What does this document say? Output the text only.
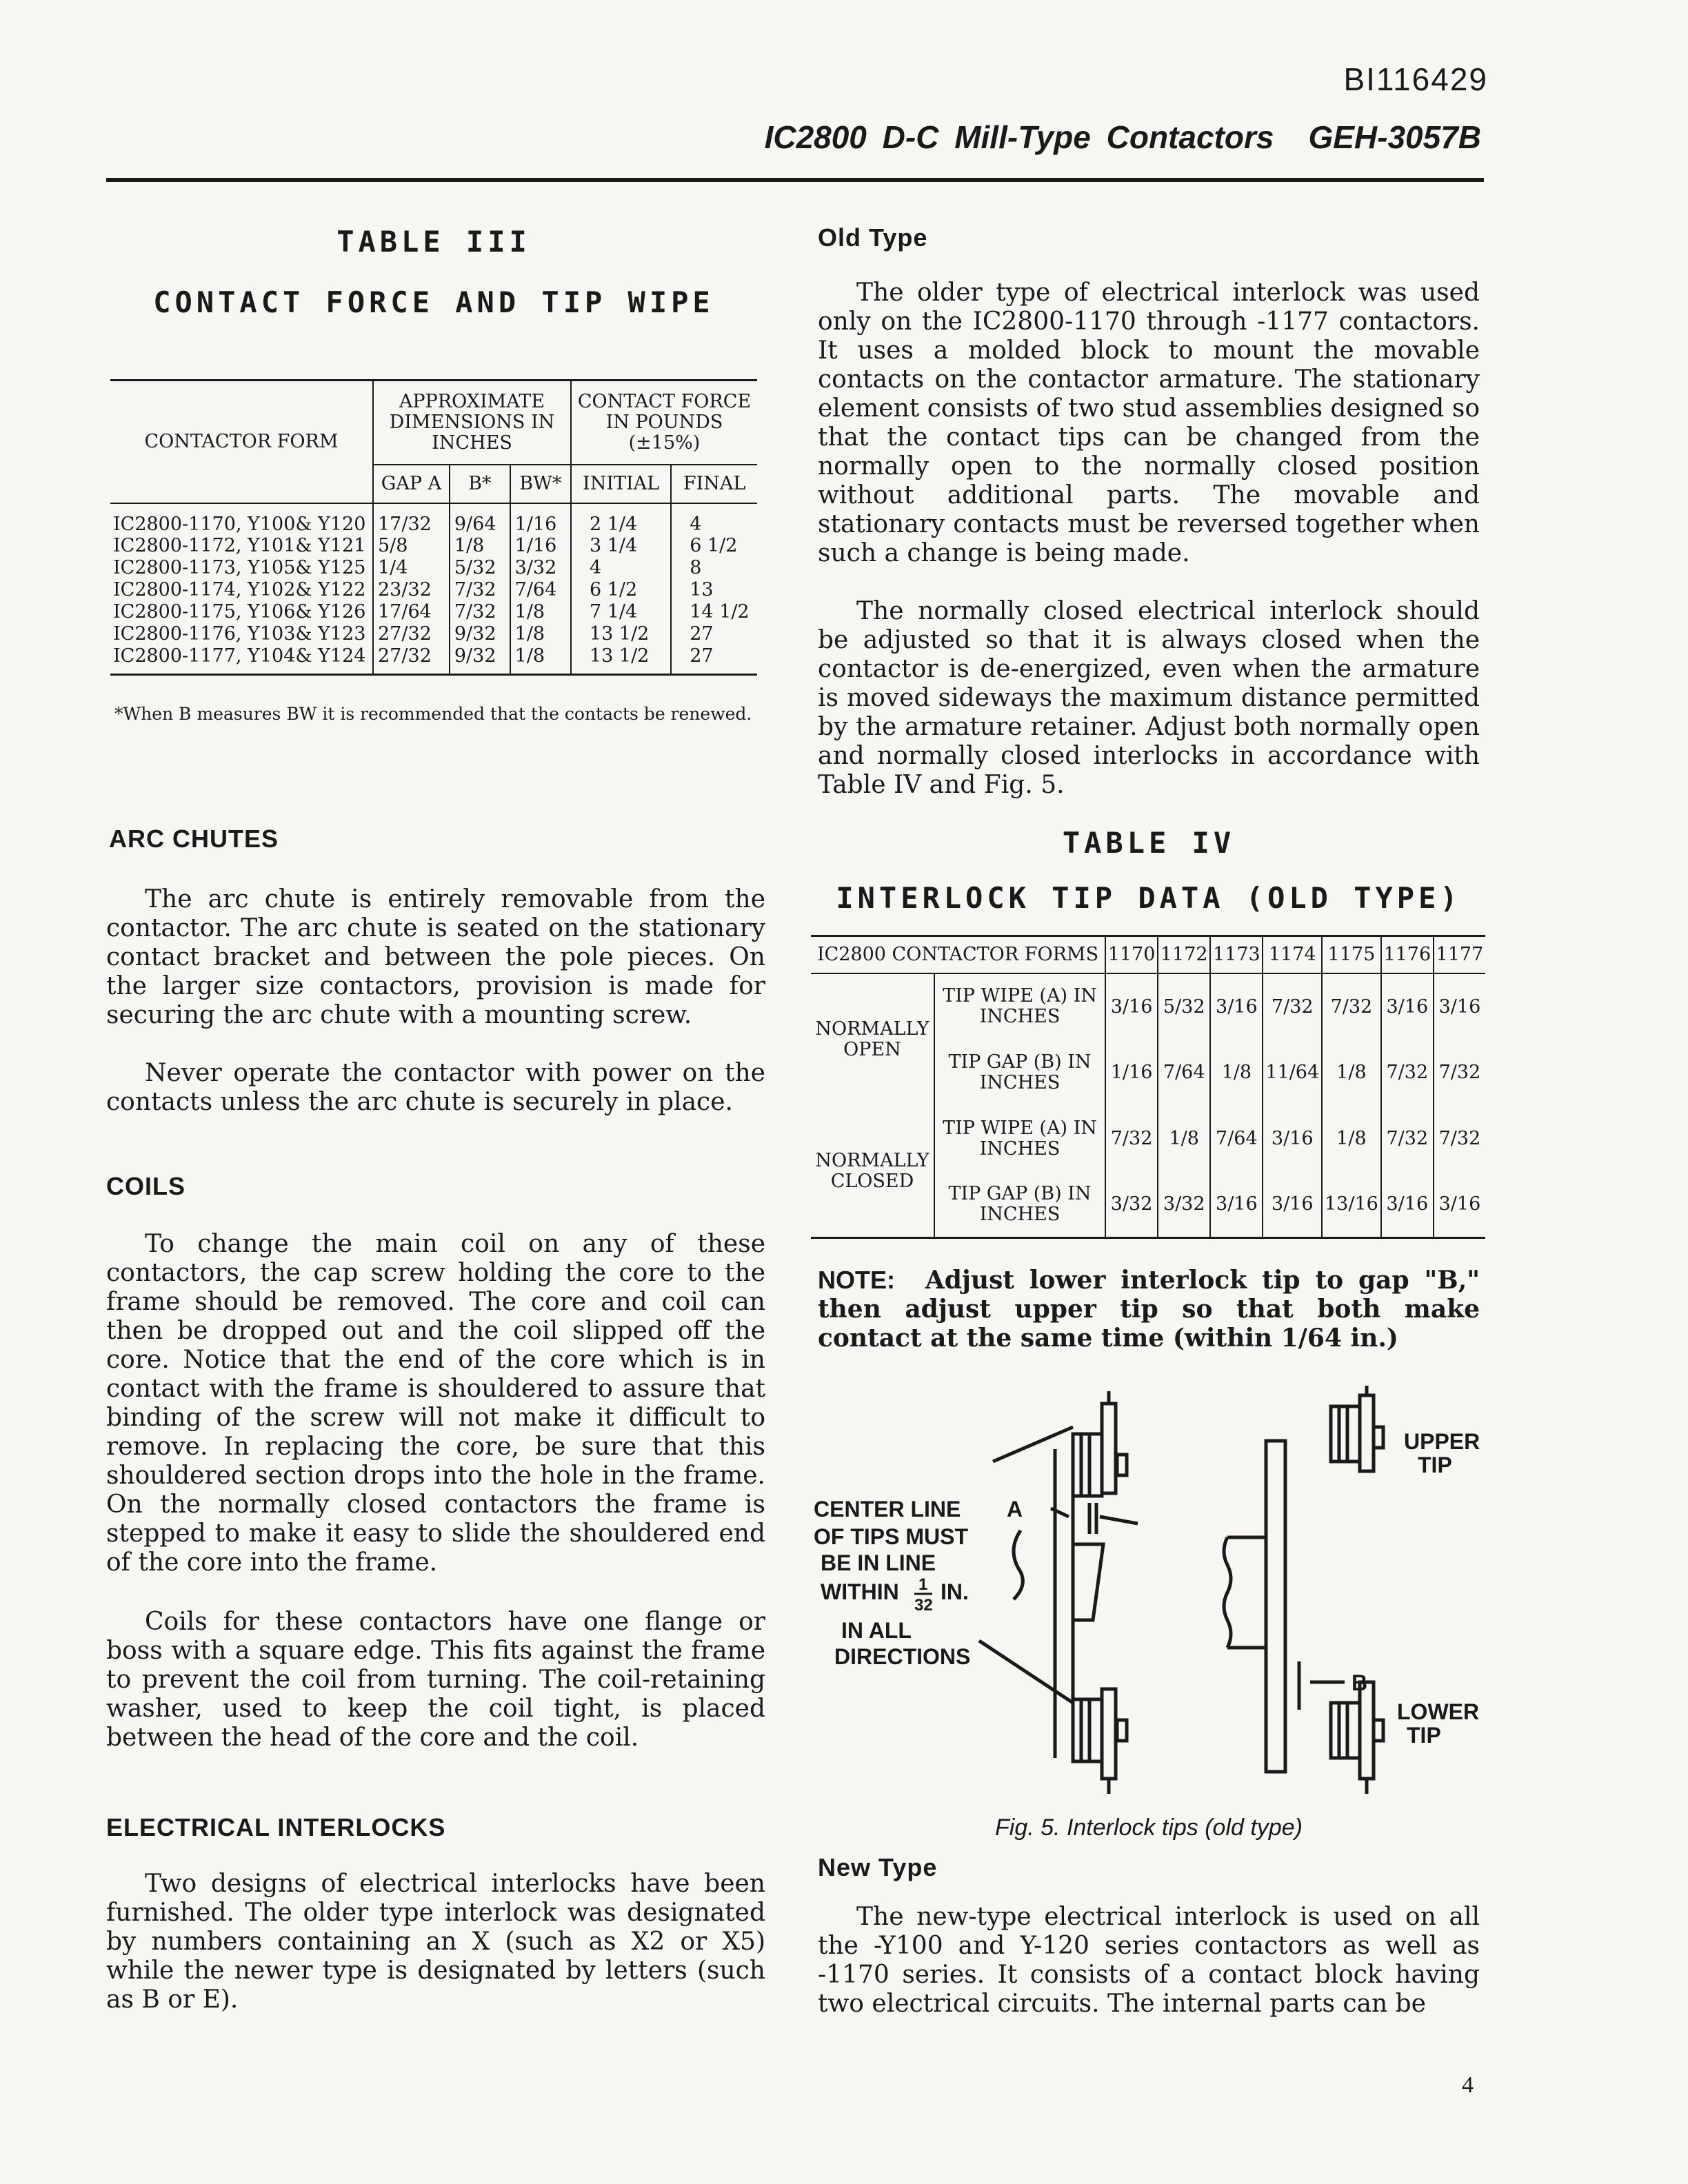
BI116429
IC2800 D-C Mill-Type Contactors GEH-3057B
TABLE III
CONTACT FORCE AND TIP WIPE
CONTACTOR FORM	APPROXIMATE DIMENSIONS IN INCHES			CONTACT FORCE IN POUNDS (±15%)	
	GAP A	B*	BW*	INITIAL	FINAL
IC2800-1170, Y100& Y120	17/32	9/64	1/16	2 1/4	4
IC2800-1172, Y101& Y121	5/8	1/8	1/16	3 1/4	6 1/2
IC2800-1173, Y105& Y125	1/4	5/32	3/32	4	8
IC2800-1174, Y102& Y122	23/32	7/32	7/64	6 1/2	13
IC2800-1175, Y106& Y126	17/64	7/32	1/8	7 1/4	14 1/2
IC2800-1176, Y103& Y123	27/32	9/32	1/8	13 1/2	27
IC2800-1177, Y104& Y124	27/32	9/32	1/8	13 1/2	27
*When B measures BW it is recommended that the contacts be renewed.
ARC CHUTES

The arc chute is entirely removable from the contactor. The arc chute is seated on the stationary contact bracket and between the pole pieces. On the larger size contactors, provision is made for securing the arc chute with a mounting screw.

Never operate the contactor with power on the contacts unless the arc chute is securely in place.

COILS

To change the main coil on any of these contactors, the cap screw holding the core to the frame should be removed. The core and coil can then be dropped out and the coil slipped off the core. Notice that the end of the core which is in contact with the frame is shouldered to assure that binding of the screw will not make it difficult to remove. In replacing the core, be sure that this shouldered section drops into the hole in the frame. On the normally closed contactors the frame is stepped to make it easy to slide the shouldered end of the core into the frame.

Coils for these contactors have one flange or boss with a square edge. This fits against the frame to prevent the coil from turning. The coil-retaining washer, used to keep the coil tight, is placed between the head of the core and the coil.

ELECTRICAL INTERLOCKS

Two designs of electrical interlocks have been furnished. The older type interlock was designated by numbers containing an X (such as X2 or X5) while the newer type is designated by letters (such as B or E).

Old Type

The older type of electrical interlock was used only on the IC2800-1170 through -1177 contactors. It uses a molded block to mount the movable contacts on the contactor armature. The stationary element consists of two stud assemblies designed so that the contact tips can be changed from the normally open to the normally closed position without additional parts. The movable and stationary contacts must be reversed together when such a change is being made.

The normally closed electrical interlock should be adjusted so that it is always closed when the contactor is de-energized, even when the armature is moved sideways the maximum distance permitted by the armature retainer. Adjust both normally open and normally closed interlocks in accordance with Table IV and Fig. 5.

TABLE IV
INTERLOCK TIP DATA (OLD TYPE)
IC2800 CONTACTOR FORMS		1170	1172	1173	1174	1175	1176	1177
NORMALLY OPEN	TIP WIPE (A) IN INCHES	3/16	5/32	3/16	7/32	7/32	3/16	3/16
	TIP GAP (B) IN INCHES	1/16	7/64	1/8	11/64	1/8	7/32	7/32
NORMALLY CLOSED	TIP WIPE (A) IN INCHES	7/32	1/8	7/64	3/16	1/8	7/32	7/32
	TIP GAP (B) IN INCHES	3/32	3/32	3/16	3/16	13/16	3/16	3/16

NOTE: Adjust lower interlock tip to gap "B," then adjust upper tip so that both make contact at the same time (within 1/64 in.)

CENTER LINE
OF TIPS MUST
BE IN LINE
WITHIN 1
32
IN.
IN ALL
DIRECTIONS
A
B
UPPER
TIP
LOWER
TIP
Fig. 5. Interlock tips (old type)
New Type

The new-type electrical interlock is used on all the -Y100 and Y-120 series contactors as well as -1170 series. It consists of a contact block having two electrical circuits. The internal parts can be

4
